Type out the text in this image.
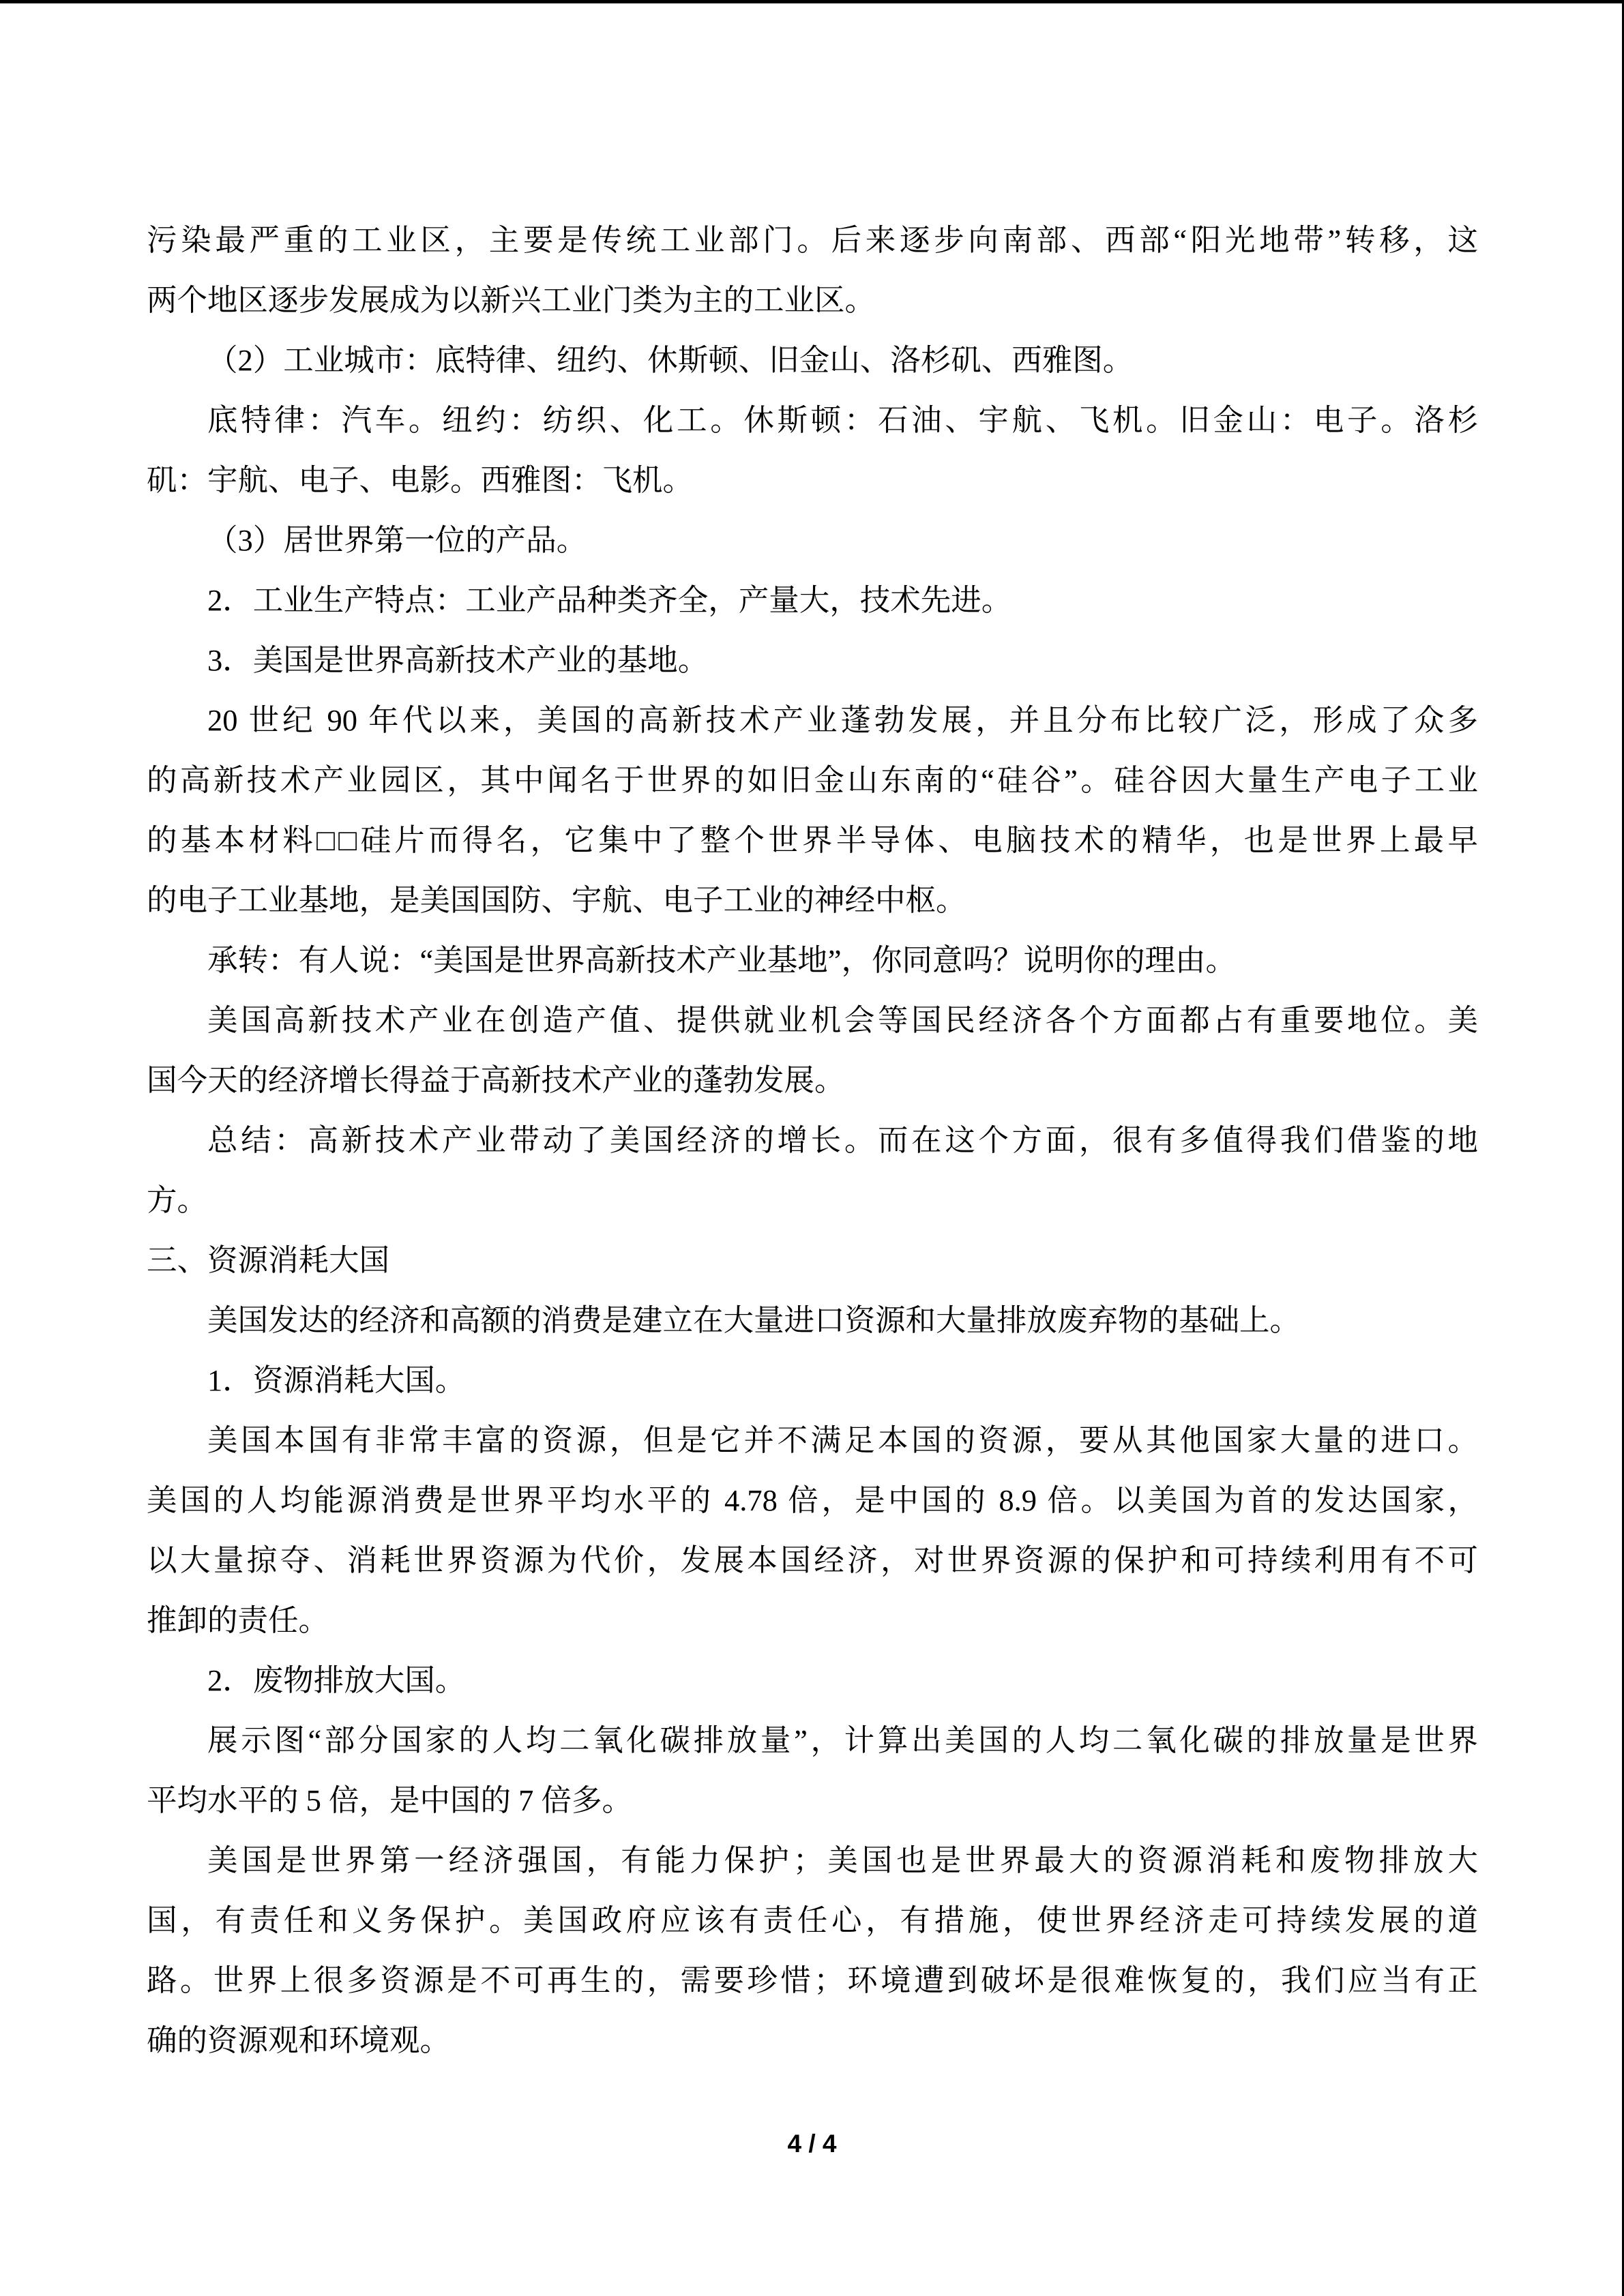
污染最严重的工业区，主要是传统工业部门。后来逐步向南部、西部“阳光地带”转移，这
两个地区逐步发展成为以新兴工业门类为主的工业区。
（2）工业城市：底特律、纽约、休斯顿、旧金山、洛杉矶、西雅图。
底特律：汽车。纽约：纺织、化工。休斯顿：石油、宇航、飞机。旧金山：电子。洛杉
矶：宇航、电子、电影。西雅图：飞机。
（3）居世界第一位的产品。
2．工业生产特点：工业产品种类齐全，产量大，技术先进。
3．美国是世界高新技术产业的基地。
20 世纪 90 年代以来，美国的高新技术产业蓬勃发展，并且分布比较广泛，形成了众多
的高新技术产业园区，其中闻名于世界的如旧金山东南的“硅谷”。硅谷因大量生产电子工业
的基本材料□□硅片而得名，它集中了整个世界半导体、电脑技术的精华，也是世界上最早
的电子工业基地，是美国国防、宇航、电子工业的神经中枢。
承转：有人说：“美国是世界高新技术产业基地”，你同意吗？说明你的理由。
美国高新技术产业在创造产值、提供就业机会等国民经济各个方面都占有重要地位。美
国今天的经济增长得益于高新技术产业的蓬勃发展。
总结：高新技术产业带动了美国经济的增长。而在这个方面，很有多值得我们借鉴的地
方。
三、资源消耗大国
美国发达的经济和高额的消费是建立在大量进口资源和大量排放废弃物的基础上。
1．资源消耗大国。
美国本国有非常丰富的资源，但是它并不满足本国的资源，要从其他国家大量的进口。
美国的人均能源消费是世界平均水平的 4.78 倍，是中国的 8.9 倍。以美国为首的发达国家，
以大量掠夺、消耗世界资源为代价，发展本国经济，对世界资源的保护和可持续利用有不可
推卸的责任。
2．废物排放大国。
展示图“部分国家的人均二氧化碳排放量”，计算出美国的人均二氧化碳的排放量是世界
平均水平的 5 倍，是中国的 7 倍多。
美国是世界第一经济强国，有能力保护；美国也是世界最大的资源消耗和废物排放大
国，有责任和义务保护。美国政府应该有责任心，有措施，使世界经济走可持续发展的道
路。世界上很多资源是不可再生的，需要珍惜；环境遭到破坏是很难恢复的，我们应当有正
确的资源观和环境观。
4 / 4
